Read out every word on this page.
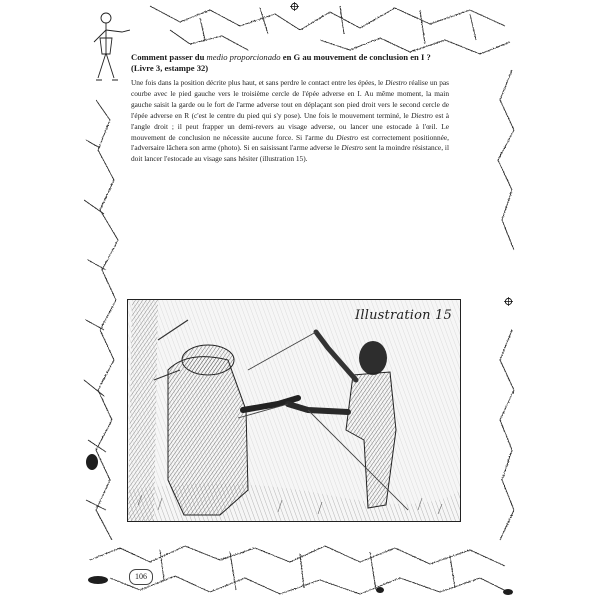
Comment passer du medio proporcionado en G au mouvement de conclusion en I ?
(Livre 3, estampe 32)

Une fois dans la position décrite plus haut, et sans perdre le contact entre les épées, le Diestro réalise un pas courbe avec le pied gauche vers le troisième cercle de l'épée adverse en I. Au même moment, la main gauche saisit la garde ou le fort de l'arme adverse tout en déplaçant son pied droit vers le second cercle de l'épée adverse en R (c'est le centre du pied qui s'y pose). Une fois le mouvement terminé, le Diestro est à l'angle droit ; il peut frapper un demi-revers au visage adverse, ou lancer une estocade à l'œil. Le mouvement de conclusion ne nécessite aucune force. Si l'arme du Diestro est correctement positionnée, l'adversaire lâchera son arme (photo). Si en saisissant l'arme adverse le Diestro sent la moindre résistance, il doit lancer l'estocade au visage sans hésiter (illustration 15).

Illustration 15
106
